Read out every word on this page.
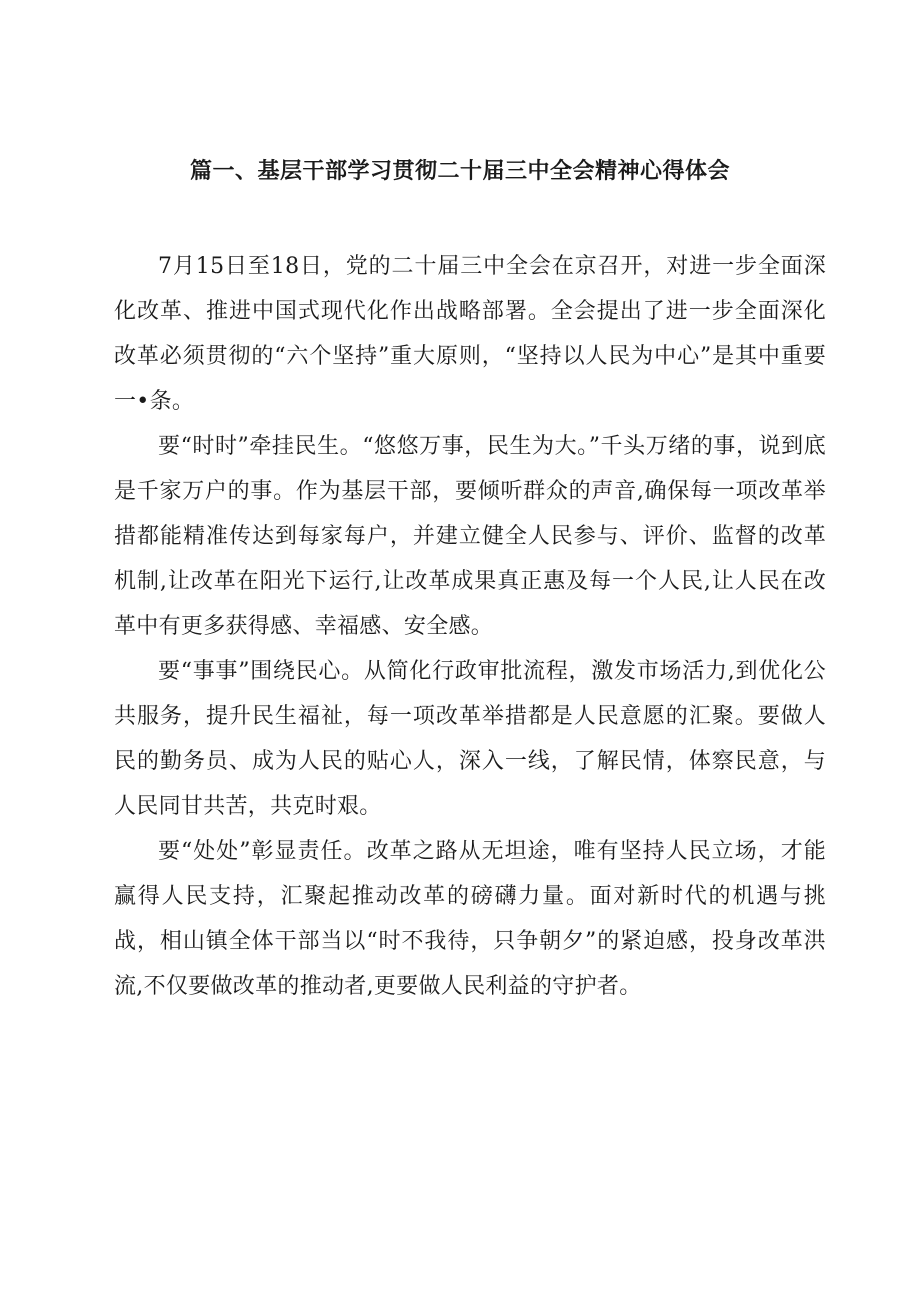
篇一、基层干部学习贯彻二十届三中全会精神心得体会

7月15日至18日，党的二十届三中全会在京召开，对进一步全面深化改革、推进中国式现代化作出战略部署。全会提出了进一步全面深化改革必须贯彻的“六个坚持”重大原则，“坚持以人民为中心”是其中重要一•条。

要“时时”牵挂民生。“悠悠万事，民生为大。”千头万绪的事，说到底是千家万户的事。作为基层干部，要倾听群众的声音,确保每一项改革举措都能精准传达到每家每户，并建立健全人民参与、评价、监督的改革机制,让改革在阳光下运行,让改革成果真正惠及每一个人民,让人民在改革中有更多获得感、幸福感、安全感。

要“事事”围绕民心。从简化行政审批流程，激发市场活力,到优化公共服务，提升民生福祉，每一项改革举措都是人民意愿的汇聚。要做人民的勤务员、成为人民的贴心人，深入一线，了解民情，体察民意，与人民同甘共苦，共克时艰。

要“处处”彰显责任。改革之路从无坦途，唯有坚持人民立场，才能赢得人民支持，汇聚起推动改革的磅礴力量。面对新时代的机遇与挑战，相山镇全体干部当以“时不我待，只争朝夕”的紧迫感，投身改革洪流,不仅要做改革的推动者,更要做人民利益的守护者。
